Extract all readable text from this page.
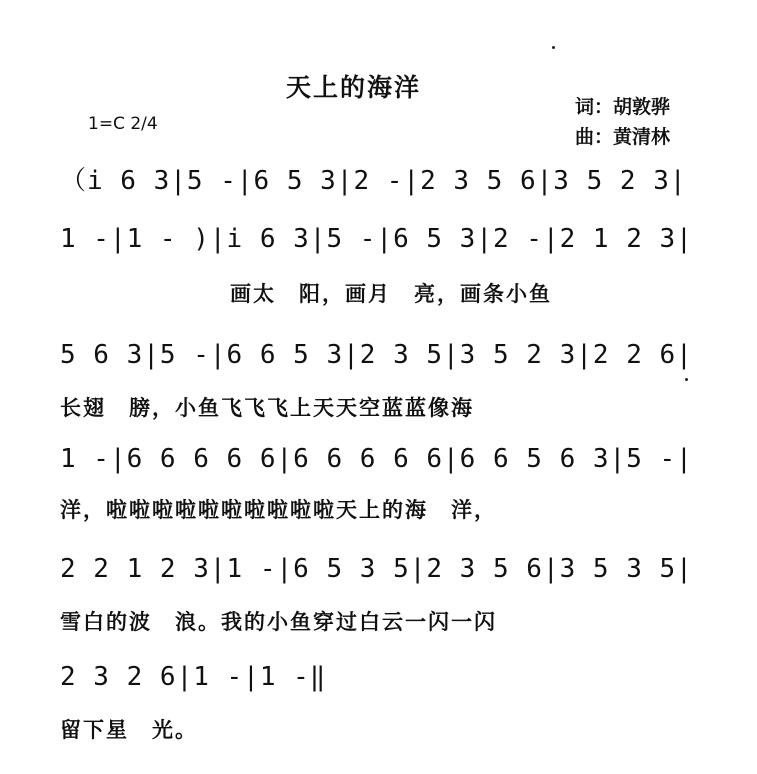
天上的海洋
词：胡敦骅
曲：黄清林
1=C 2/4
（i 6 3|5 -|6 5 3|2 -|2 3 5 6|3 5 2 3|
1 -|1 - )|i 6 3|5 -|6 5 3|2 -|2 1 2 3|
画太　阳，画月　亮，画条小鱼
5 6 3|5 -|6 6 5 3|2 3 5|3 5 2 3|2 2 6|
长翅　膀，小鱼飞飞飞上天天空蓝蓝像海
1 -|6 6 6 6 6|6 6 6 6 6|6 6 5 6 3|5 -|
洋，啦啦啦啦啦啦啦啦啦啦天上的海　洋，
2 2 1 2 3|1 -|6 5 3 5|2 3 5 6|3 5 3 5|
雪白的波　浪。我的小鱼穿过白云一闪一闪
2 3 2 6|1 -|1 -‖
留下星　光。
